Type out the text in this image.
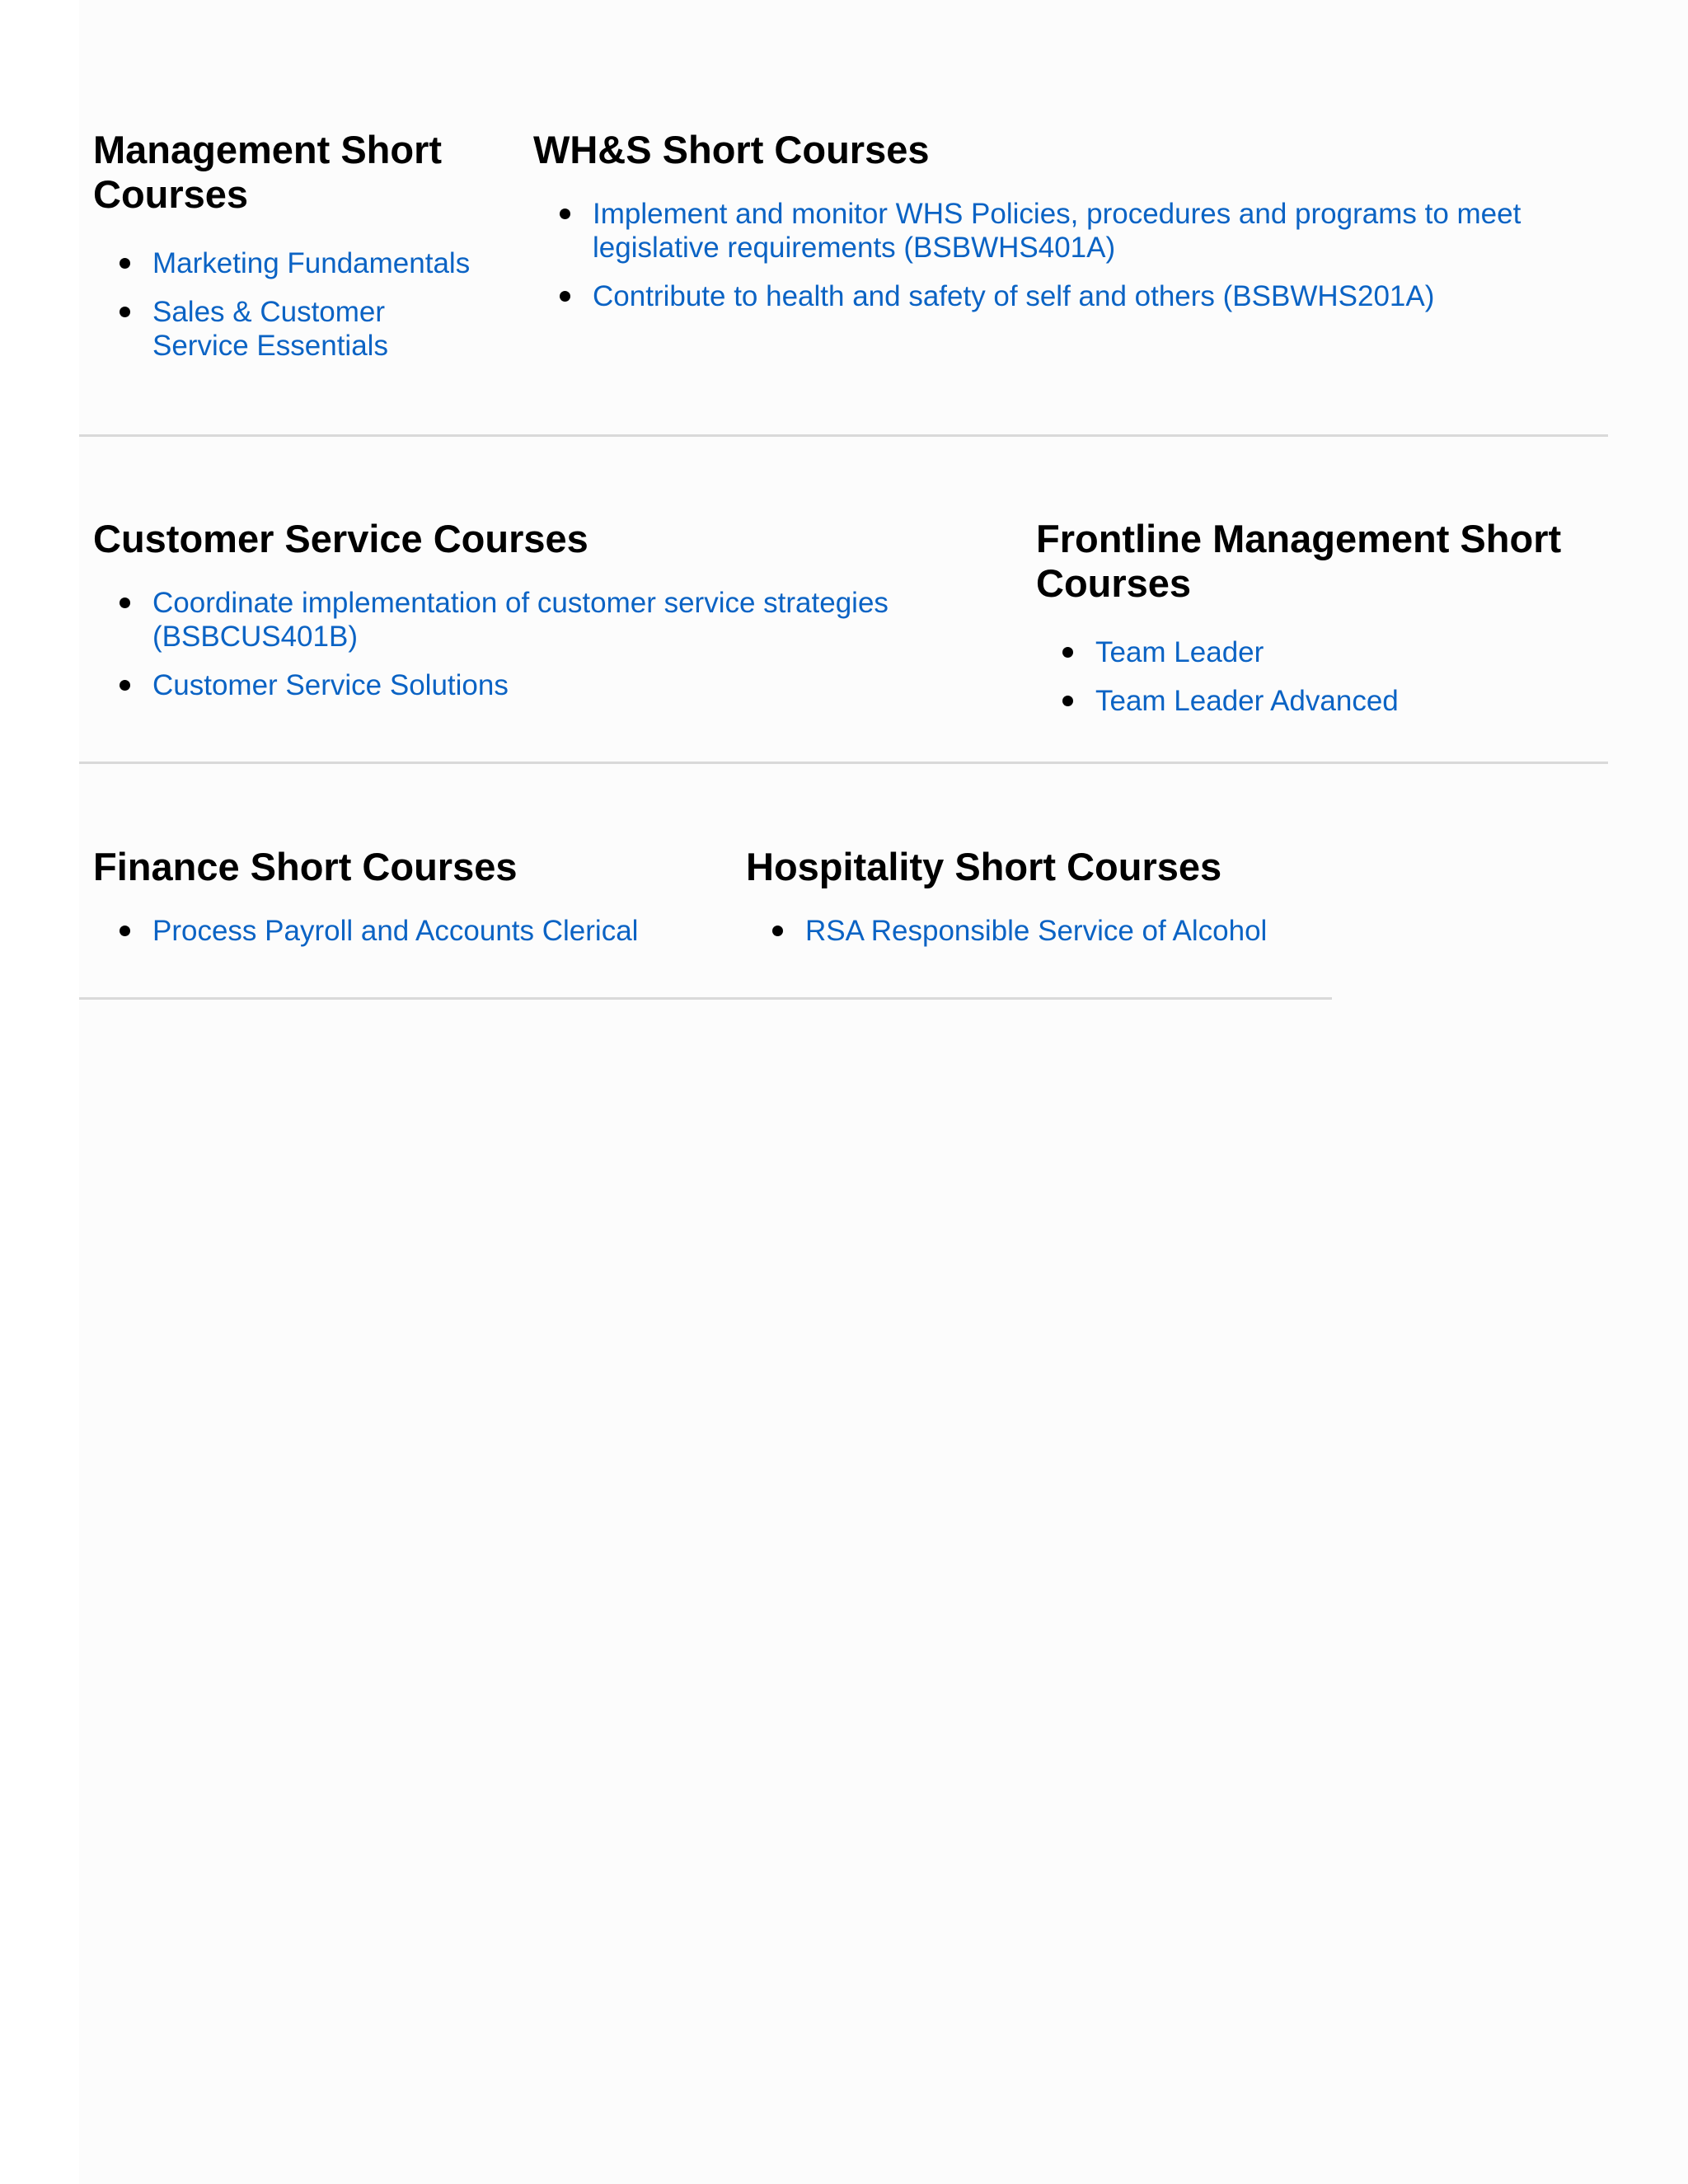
Management Short Courses
Marketing Fundamentals
Sales & Customer Service Essentials
WH&S Short Courses
Implement and monitor WHS Policies, procedures and programs to meet legislative requirements (BSBWHS401A)
Contribute to health and safety of self and others (BSBWHS201A)
Customer Service Courses
Coordinate implementation of customer service strategies (BSBCUS401B)
Customer Service Solutions
Frontline Management Short Courses
Team Leader
Team Leader Advanced
Finance Short Courses
Process Payroll and Accounts Clerical
Hospitality Short Courses
RSA Responsible Service of Alcohol
